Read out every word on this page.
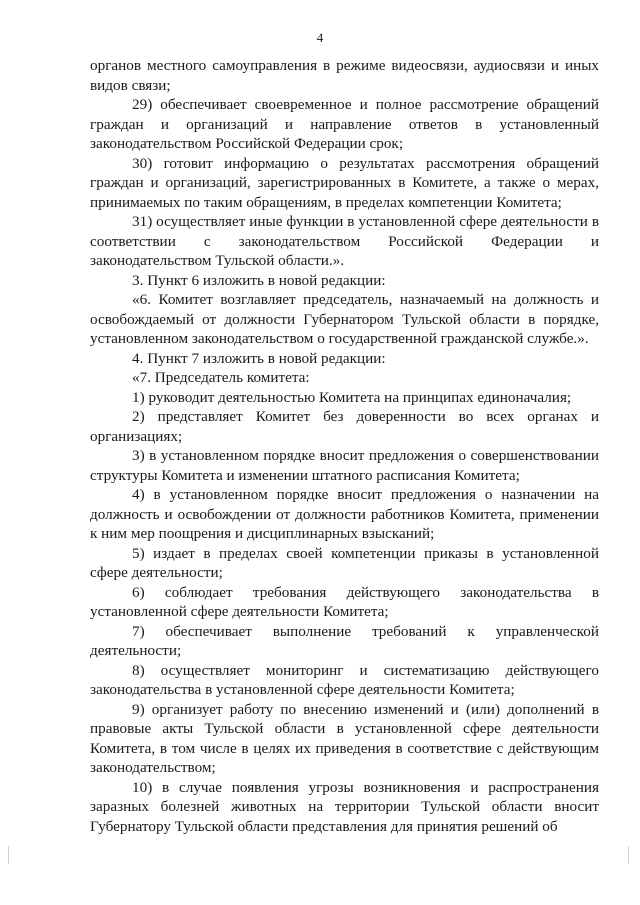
4

органов местного самоуправления в режиме видеосвязи, аудиосвязи и иных видов связи;

29) обеспечивает своевременное и полное рассмотрение обращений граждан и организаций и направление ответов в установленный законодательством Российской Федерации срок;

30) готовит информацию о результатах рассмотрения обращений граждан и организаций, зарегистрированных в Комитете, а также о мерах, принимаемых по таким обращениям, в пределах компетенции Комитета;

31) осуществляет иные функции в установленной сфере деятельности в соответствии с законодательством Российской Федерации и законодательством Тульской области.».

3. Пункт 6 изложить в новой редакции:

«6. Комитет возглавляет председатель, назначаемый на должность и освобождаемый от должности Губернатором Тульской области в порядке, установленном законодательством о государственной гражданской службе.».

4. Пункт 7 изложить в новой редакции:

«7. Председатель комитета:

1) руководит деятельностью Комитета на принципах единоначалия;

2) представляет Комитет без доверенности во всех органах и организациях;

3) в установленном порядке вносит предложения о совершенствовании структуры Комитета и изменении штатного расписания Комитета;

4) в установленном порядке вносит предложения о назначении на должность и освобождении от должности работников Комитета, применении к ним мер поощрения и дисциплинарных взысканий;

5) издает в пределах своей компетенции приказы в установленной сфере деятельности;

6) соблюдает требования действующего законодательства в установленной сфере деятельности Комитета;

7) обеспечивает выполнение требований к управленческой деятельности;

8) осуществляет мониторинг и систематизацию действующего законодательства в установленной сфере деятельности Комитета;

9) организует работу по внесению изменений и (или) дополнений в правовые акты Тульской области в установленной сфере деятельности Комитета, в том числе в целях их приведения в соответствие с действующим законодательством;

10) в случае появления угрозы возникновения и распространения заразных болезней животных на территории Тульской области вносит Губернатору Тульской области представления для принятия решений об
